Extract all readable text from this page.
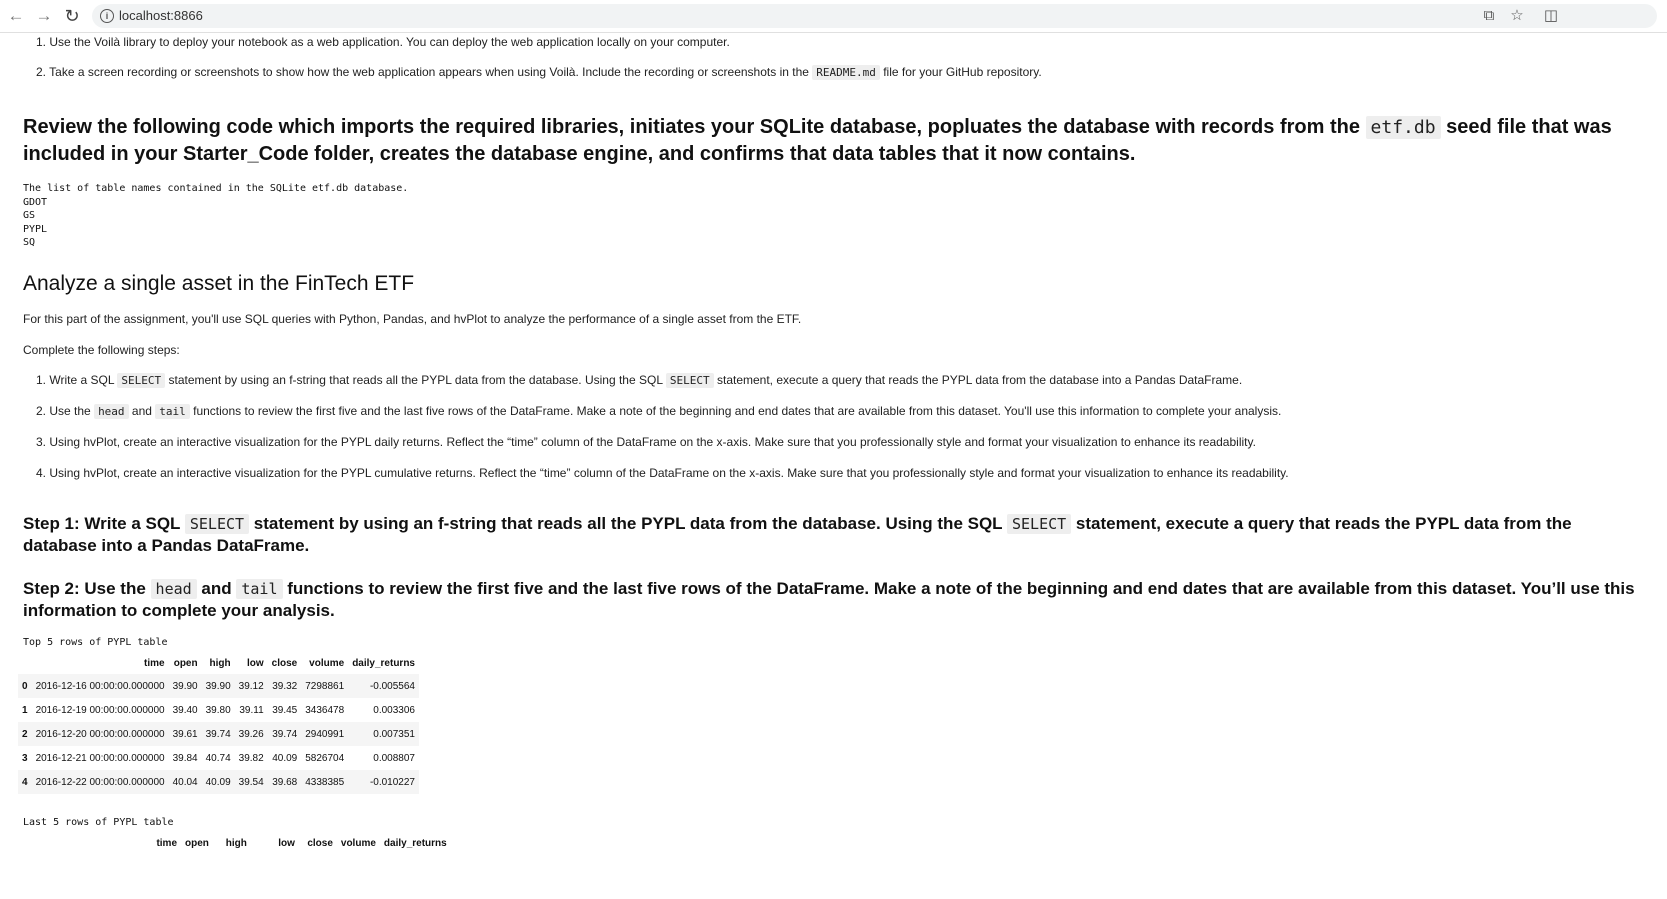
← → ↻	i localhost:8866	⧉ ☆ ◫
1. Use the Voilà library to deploy your notebook as a web application. You can deploy the web application locally on your computer.
2. Take a screen recording or screenshots to show how the web application appears when using Voilà. Include the recording or screenshots in the README.md file for your GitHub repository.
Review the following code which imports the required libraries, initiates your SQLite database, popluates the database with records from the etf.db seed file that was
included in your Starter_Code folder, creates the database engine, and confirms that data tables that it now contains.
The list of table names contained in the SQLite etf.db database.
GDOT
GS
PYPL
SQ
Analyze a single asset in the FinTech ETF
For this part of the assignment, you'll use SQL queries with Python, Pandas, and hvPlot to analyze the performance of a single asset from the ETF.
Complete the following steps:
1. Write a SQL SELECT statement by using an f-string that reads all the PYPL data from the database. Using the SQL SELECT statement, execute a query that reads the PYPL data from the database into a Pandas DataFrame.
2. Use the head and tail functions to review the first five and the last five rows of the DataFrame. Make a note of the beginning and end dates that are available from this dataset. You'll use this information to complete your analysis.
3. Using hvPlot, create an interactive visualization for the PYPL daily returns. Reflect the “time” column of the DataFrame on the x-axis. Make sure that you professionally style and format your visualization to enhance its readability.
4. Using hvPlot, create an interactive visualization for the PYPL cumulative returns. Reflect the “time” column of the DataFrame on the x-axis. Make sure that you professionally style and format your visualization to enhance its readability.
Step 1: Write a SQL SELECT statement by using an f-string that reads all the PYPL data from the database. Using the SQL SELECT statement, execute a query that reads the PYPL data from the
database into a Pandas DataFrame.
Step 2: Use the head and tail functions to review the first five and the last five rows of the DataFrame. Make a note of the beginning and end dates that are available from this dataset. You’ll use this
information to complete your analysis.
Top 5 rows of PYPL table
	time	open	high	low	close	volume	daily_returns
0	2016-12-16 00:00:00.000000	39.90	39.90	39.12	39.32	7298861	-0.005564
1	2016-12-19 00:00:00.000000	39.40	39.80	39.11	39.45	3436478	0.003306
2	2016-12-20 00:00:00.000000	39.61	39.74	39.26	39.74	2940991	0.007351
3	2016-12-21 00:00:00.000000	39.84	40.74	39.82	40.09	5826704	0.008807
4	2016-12-22 00:00:00.000000	40.04	40.09	39.54	39.68	4338385	-0.010227
Last 5 rows of PYPL table
	time	open	high	low	close	volume	daily_returns
